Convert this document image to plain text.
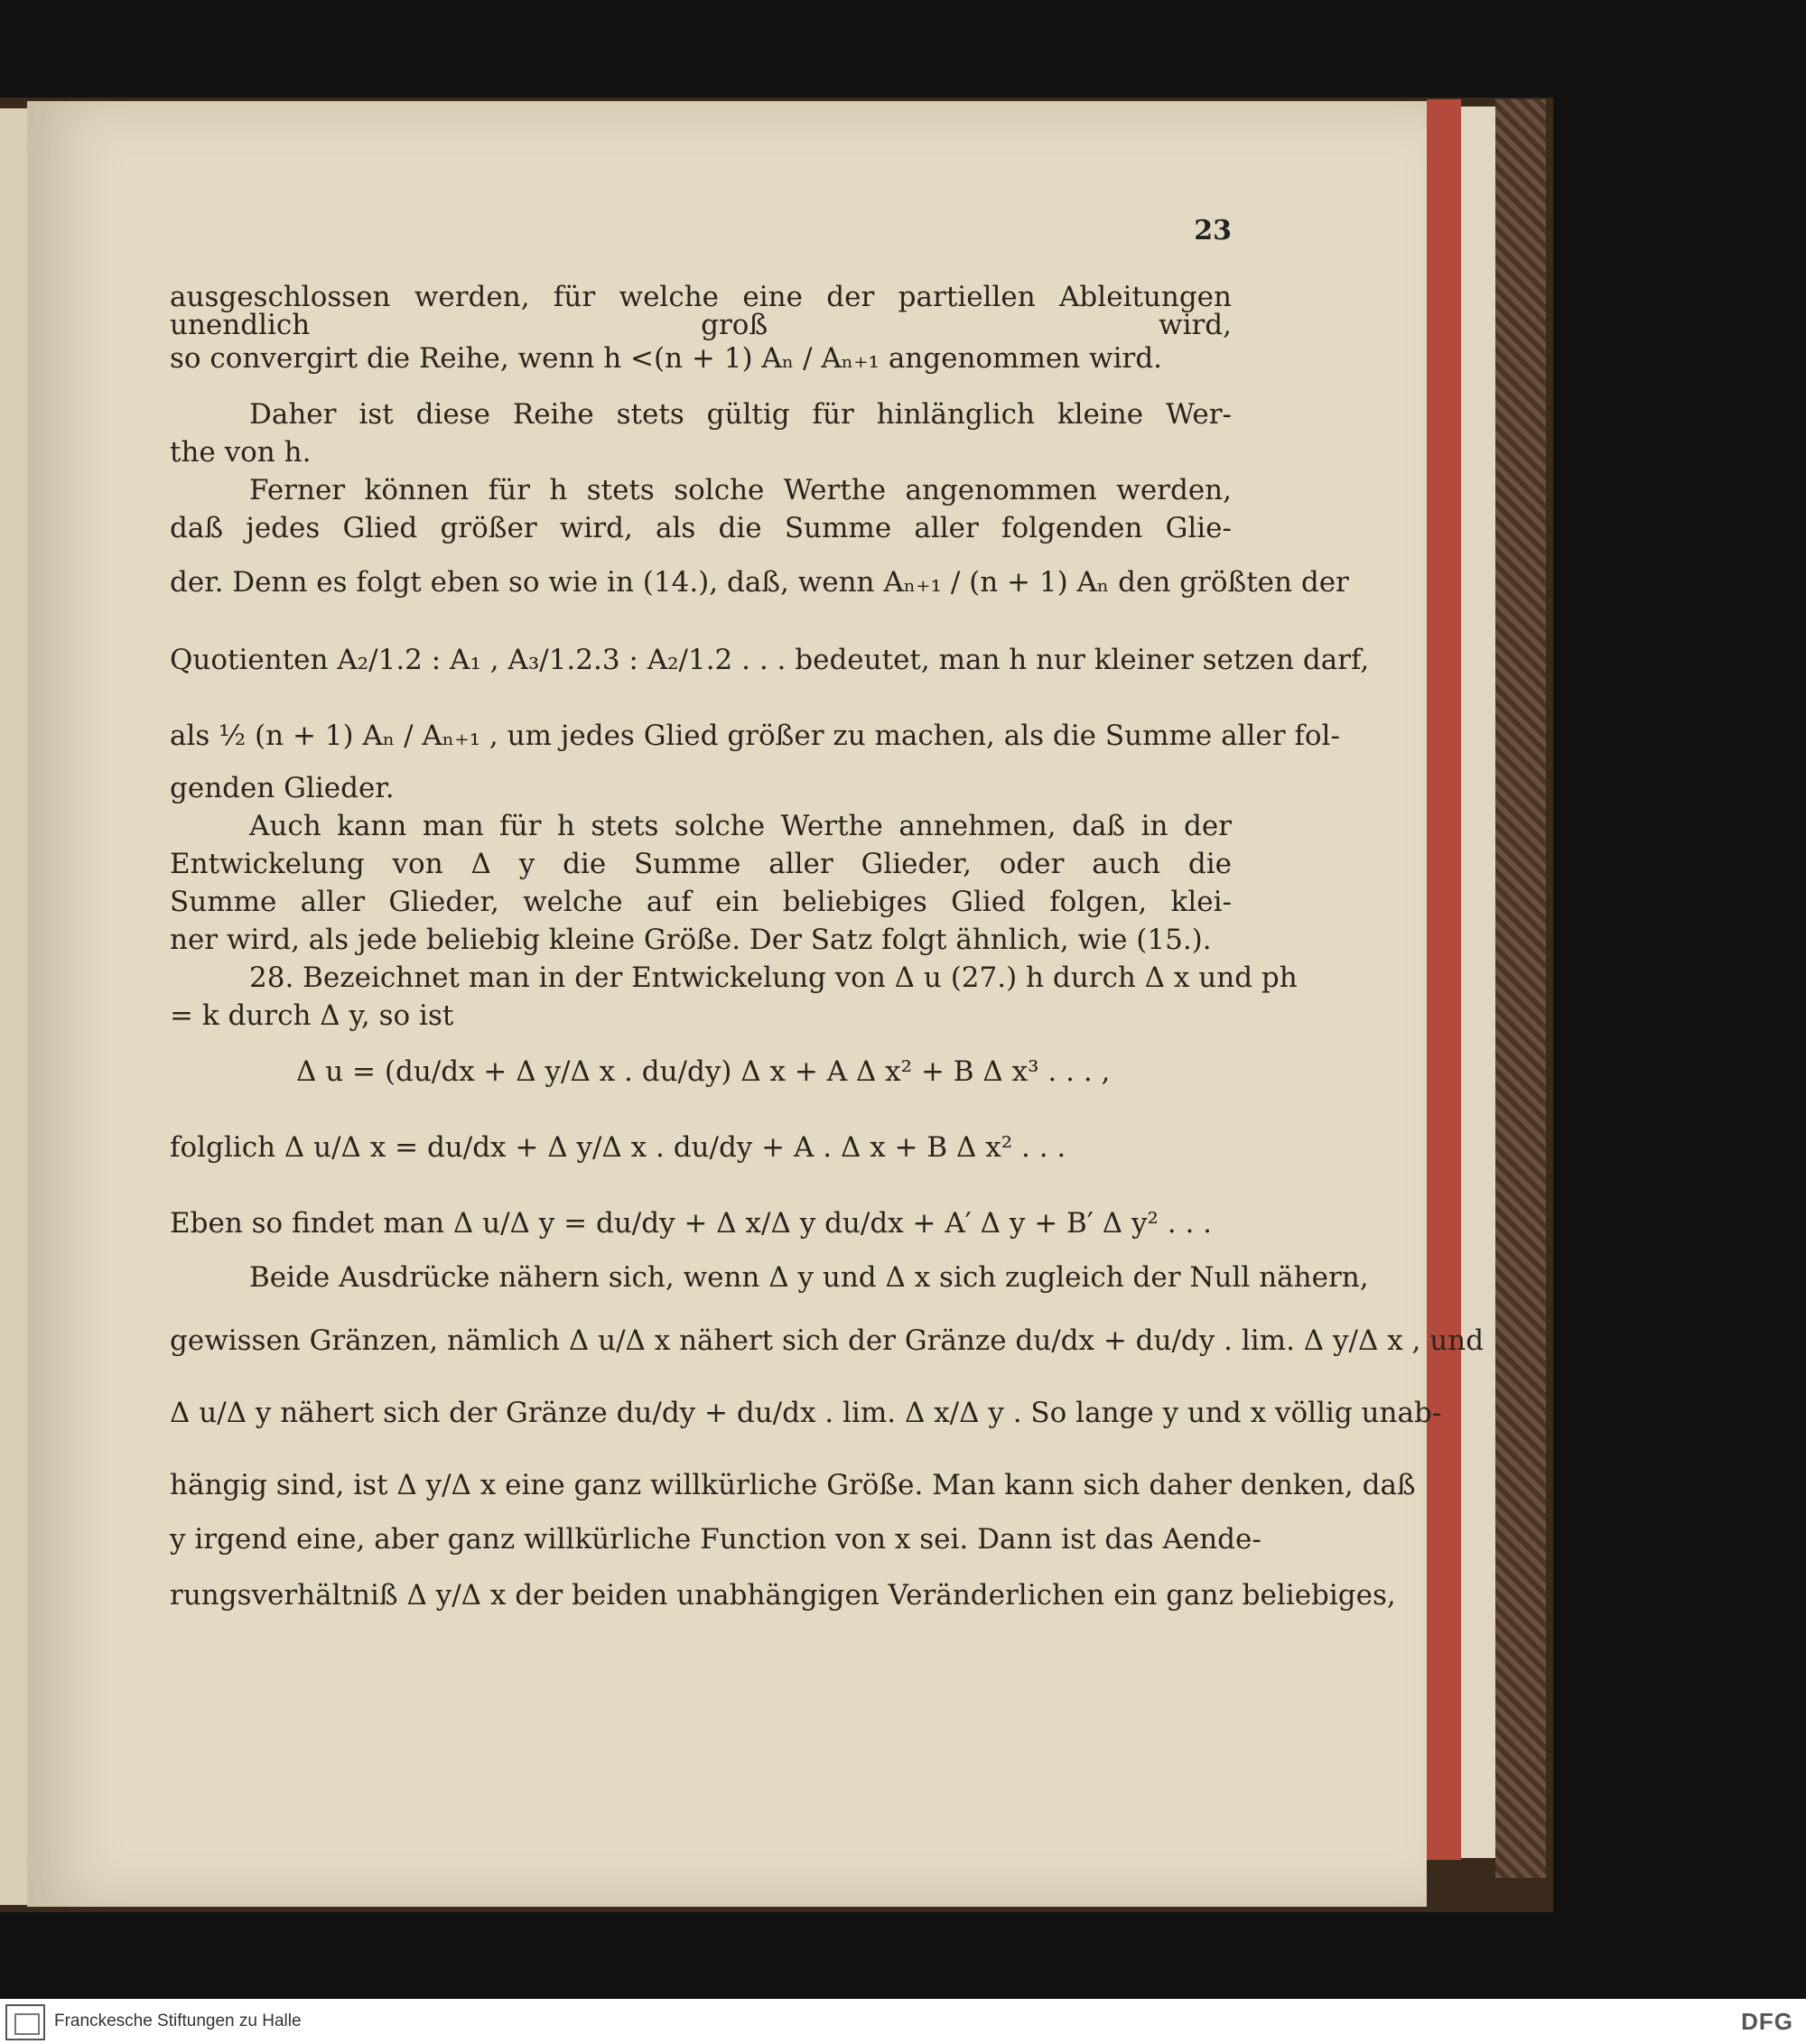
23
ausgeschlossen werden, für welche eine der partiellen Ableitungen unendlich groß wird,
so convergirt die Reihe, wenn h <(n + 1) Aₙ / Aₙ₊₁ angenommen wird.
Daher ist diese Reihe stets gültig für hinlänglich kleine Wer-
the von h.
Ferner können für h stets solche Werthe angenommen werden,
daß jedes Glied größer wird, als die Summe aller folgenden Glie-
der. Denn es folgt eben so wie in (14.), daß, wenn Aₙ₊₁ / (n + 1) Aₙ den größten der
Quotienten A₂/1.2 : A₁ , A₃/1.2.3 : A₂/1.2 . . . bedeutet, man h nur kleiner setzen darf,
als ½ (n + 1) Aₙ / Aₙ₊₁ , um jedes Glied größer zu machen, als die Summe aller fol-
genden Glieder.
Auch kann man für h stets solche Werthe annehmen, daß in der
Entwickelung von Δ y die Summe aller Glieder, oder auch die
Summe aller Glieder, welche auf ein beliebiges Glied folgen, klei-
ner wird, als jede beliebig kleine Größe. Der Satz folgt ähnlich, wie (15.).
28. Bezeichnet man in der Entwickelung von Δ u (27.) h durch Δ x und ph
= k durch Δ y, so ist
Δ u = (du/dx + Δ y/Δ x . du/dy) Δ x + A Δ x² + B Δ x³ . . . ,
folglich Δ u/Δ x = du/dx + Δ y/Δ x . du/dy + A . Δ x + B Δ x² . . .
Eben so findet man Δ u/Δ y = du/dy + Δ x/Δ y du/dx + A′ Δ y + B′ Δ y² . . .
Beide Ausdrücke nähern sich, wenn Δ y und Δ x sich zugleich der Null nähern,
gewissen Gränzen, nämlich Δ u/Δ x nähert sich der Gränze du/dx + du/dy . lim. Δ y/Δ x , und
Δ u/Δ y nähert sich der Gränze du/dy + du/dx . lim. Δ x/Δ y . So lange y und x völlig unab-
hängig sind, ist Δ y/Δ x eine ganz willkürliche Größe. Man kann sich daher denken, daß
y irgend eine, aber ganz willkürliche Function von x sei. Dann ist das Aende-
rungsverhältniß Δ y/Δ x der beiden unabhängigen Veränderlichen ein ganz beliebiges,
Franckesche Stiftungen zu Halle	DFG
